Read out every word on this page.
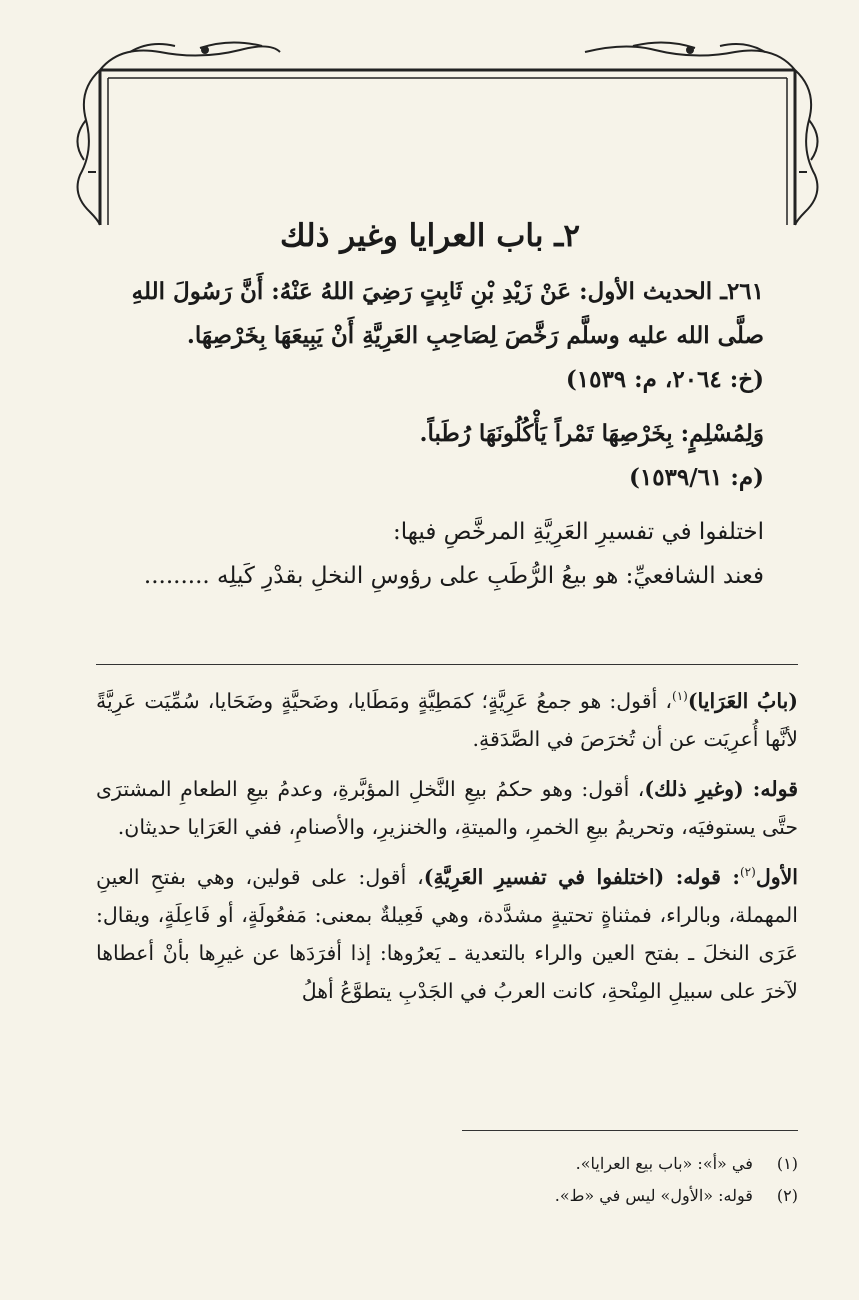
٢ـ باب العرايا وغير ذلك

٢٦١ـ الحديث الأول: عَنْ زَيْدِ بْنِ ثَابِتٍ رَضِيَ اللهُ عَنْهُ: أَنَّ رَسُولَ اللهِ

صلَّى الله عليه وسلَّم رَخَّصَ لِصَاحِبِ العَرِيَّةِ أَنْ يَبِيعَهَا بِخَرْصِهَا.

(خ: ٢٠٦٤، م: ١٥٣٩)

وَلِمُسْلِمٍ: بِخَرْصِهَا تَمْراً يَأْكُلُونَهَا رُطَباً.

(م: ١٥٣٩/٦١)

اختلفوا في تفسيرِ العَرِيَّةِ المرخَّصِ فيها:

فعند الشافعيِّ: هو بيعُ الرُّطَبِ على رؤوسِ النخلِ بقدْرِ كَيلِه .........

(بابُ العَرَايا)$^{(١)}$، أقول: هو جمعُ عَرِيَّةٍ؛ كمَطِيَّةٍ ومَطَايا، وضَحيَّةٍ وضَحَايا، سُمِّيَت عَرِيَّةً لأنَّها أُعرِيَت عن أن تُخرَصَ في الصَّدَقةِ.

قوله: (وغيرِ ذلك)، أقول: وهو حكمُ بيعِ النَّخلِ المؤبَّرةِ، وعدمُ بيعِ الطعامِ المشترَى حتَّى يستوفيَه، وتحريمُ بيعِ الخمرِ، والميتةِ، والخنزيرِ، والأصنامِ، ففي العَرَايا حديثان.

الأول$^{(٢)}$: قوله: (اختلفوا في تفسيرِ العَرِيَّةِ)، أقول: على قولين، وهي بفتحِ العينِ المهملة، وبالراء، فمثناةٍ تحتيةٍ مشدَّدة، وهي فَعِيلةٌ بمعنى: مَفعُولَةٍ، أو فَاعِلَةٍ، ويقال: عَرَى النخلَ ـ بفتح العين والراء بالتعدية ـ يَعرُوها: إذا أفرَدَها عن غيرِها بأنْ أعطاها لآخرَ على سبيلِ المِنْحةِ، كانت العربُ في الجَدْبِ يتطوَّعُ أهلُ

(١) في «أ»: «باب بيع العرايا».

(٢) قوله: «الأول» ليس في «ط».
